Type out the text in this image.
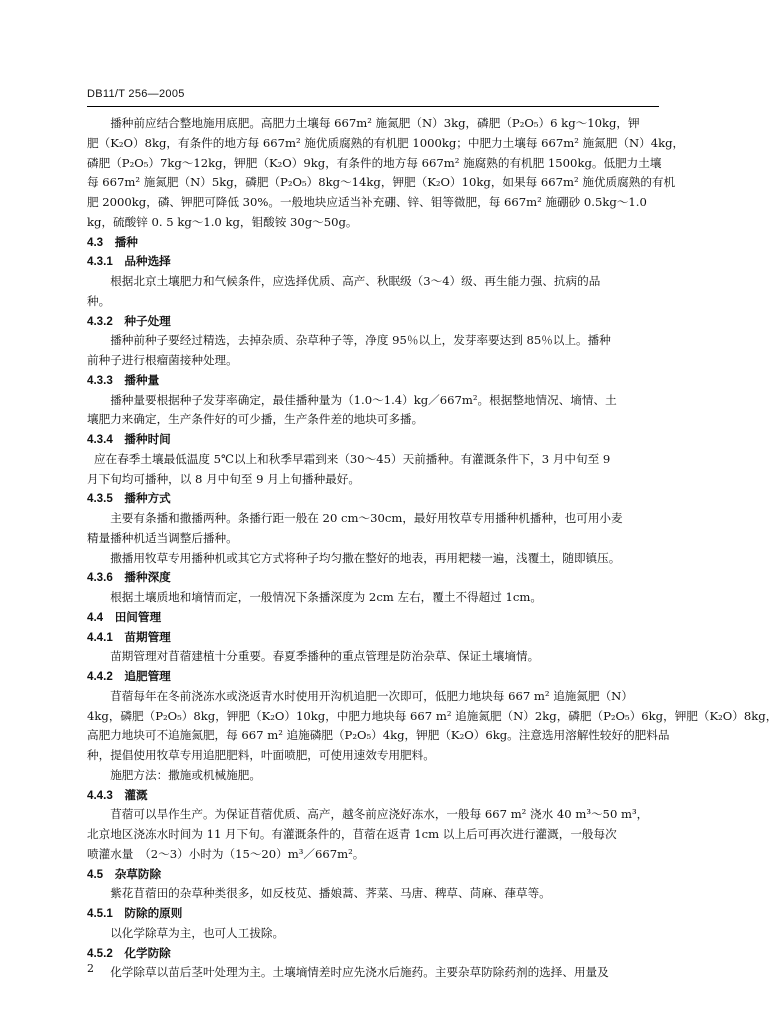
DB11/T 256—2005
播种前应结合整地施用底肥。高肥力土壤每 667m² 施氮肥（N）3kg，磷肥（P₂O₅）6 kg～10kg，钾
肥（K₂O）8kg，有条件的地方每 667m² 施优质腐熟的有机肥 1000kg；中肥力土壤每 667m² 施氮肥（N）4kg，
磷肥（P₂O₅）7kg～12kg，钾肥（K₂O）9kg，有条件的地方每 667m² 施腐熟的有机肥 1500kg。低肥力土壤
每 667m² 施氮肥（N）5kg，磷肥（P₂O₅）8kg～14kg，钾肥（K₂O）10kg，如果每 667m² 施优质腐熟的有机
肥 2000kg，磷、钾肥可降低 30%。一般地块应适当补充硼、锌、钼等微肥，每 667m² 施硼砂 0.5kg～1.0
kg，硫酸锌 0. 5 kg～1.0 kg，钼酸铵 30g～50g。
4.3　播种
4.3.1　品种选择
根据北京土壤肥力和气候条件，应选择优质、高产、秋眠级（3～4）级、再生能力强、抗病的品
种。
4.3.2　种子处理
播种前种子要经过精选，去掉杂质、杂草种子等，净度 95％以上，发芽率要达到 85％以上。播种
前种子进行根瘤菌接种处理。
4.3.3　播种量
播种量要根据种子发芽率确定，最佳播种量为（1.0～1.4）kg／667m²。根据整地情况、墒情、土
壤肥力来确定，生产条件好的可少播，生产条件差的地块可多播。
4.3.4　播种时间
应在春季土壤最低温度 5℃以上和秋季早霜到来（30～45）天前播种。有灌溉条件下，3 月中旬至 9
月下旬均可播种，以 8 月中旬至 9 月上旬播种最好。
4.3.5　播种方式
主要有条播和撒播两种。条播行距一般在 20 cm～30cm，最好用牧草专用播种机播种，也可用小麦
精量播种机适当调整后播种。
撒播用牧草专用播种机或其它方式将种子均匀撒在整好的地表，再用耙耧一遍，浅覆土，随即镇压。
4.3.6　播种深度
根据土壤质地和墒情而定，一般情况下条播深度为 2cm 左右，覆土不得超过 1cm。
4.4　田间管理
4.4.1　苗期管理
苗期管理对苜蓿建植十分重要。春夏季播种的重点管理是防治杂草、保证土壤墒情。
4.4.2　追肥管理
苜蓿每年在冬前浇冻水或浇返青水时使用开沟机追肥一次即可，低肥力地块每 667 m² 追施氮肥（N）
4kg，磷肥（P₂O₅）8kg，钾肥（K₂O）10kg，中肥力地块每 667 m² 追施氮肥（N）2kg，磷肥（P₂O₅）6kg，钾肥（K₂O）8kg，
高肥力地块可不追施氮肥，每 667 m² 追施磷肥（P₂O₅）4kg，钾肥（K₂O）6kg。注意选用溶解性较好的肥料品
种，提倡使用牧草专用追肥肥料，叶面喷肥，可使用速效专用肥料。
施肥方法：撒施或机械施肥。
4.4.3　灌溉
苜蓿可以旱作生产。为保证苜蓿优质、高产，越冬前应浇好冻水，一般每 667 m² 浇水 40 m³～50 m³，
北京地区浇冻水时间为 11 月下旬。有灌溉条件的，苜蓿在返青 1cm 以上后可再次进行灌溉，一般每次
喷灌水量　（2～3）小时为（15～20）m³／667m²。
4.5　杂草防除
紫花苜蓿田的杂草种类很多，如反枝苋、播娘蒿、荠菜、马唐、稗草、苘麻、葎草等。
4.5.1　防除的原则
以化学除草为主，也可人工拔除。
4.5.2　化学防除
化学除草以苗后茎叶处理为主。土壤墒情差时应先浇水后施药。主要杂草防除药剂的选择、用量及
2
